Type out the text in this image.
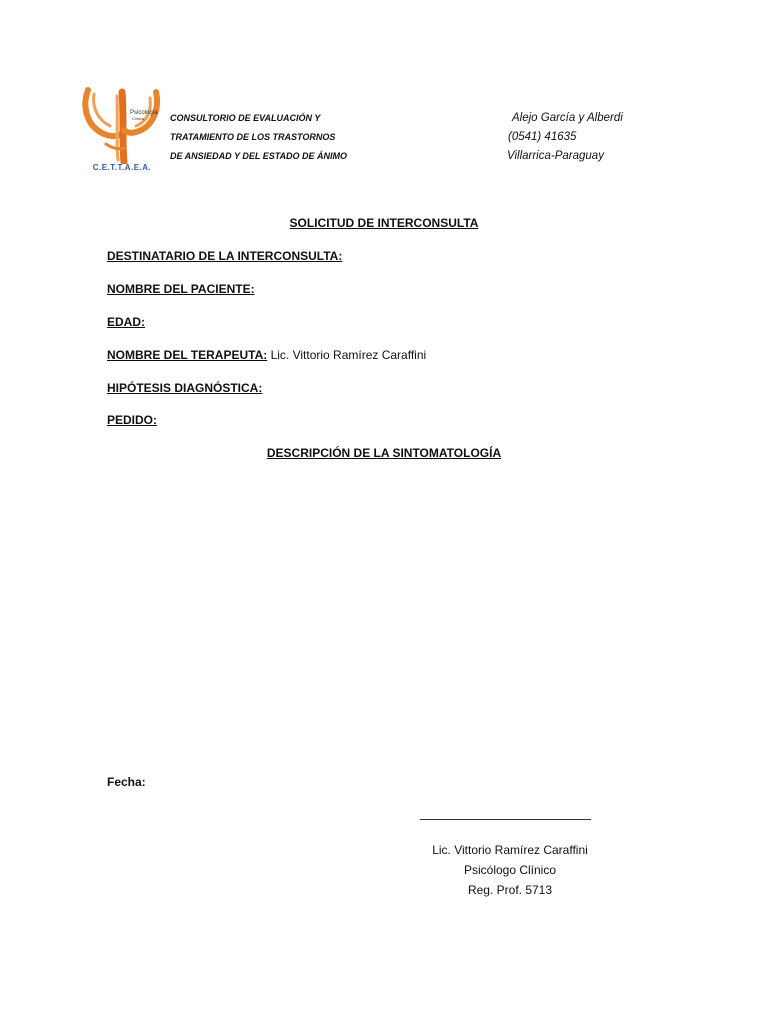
Psicología
Clínica
C.E.T.T.A.E.A.
CONSULTORIO DE EVALUACIÓN Y
TRATAMIENTO DE LOS TRASTORNOS
DE ANSIEDAD Y DEL ESTADO DE ÁNIMO
Alejo García y Alberdi
(0541) 41635
Villarrica-Paraguay
SOLICITUD DE INTERCONSULTA
DESTINATARIO DE LA INTERCONSULTA:
NOMBRE DEL PACIENTE:
EDAD:
NOMBRE DEL TERAPEUTA: Lic. Vittorio Ramírez Caraffini
HIPÓTESIS DIAGNÓSTICA:
PEDIDO:
DESCRIPCIÓN DE LA SINTOMATOLOGÍA
Fecha:
Lic. Vittorio Ramírez Caraffini
Psicólogo Clínico
Reg. Prof. 5713
